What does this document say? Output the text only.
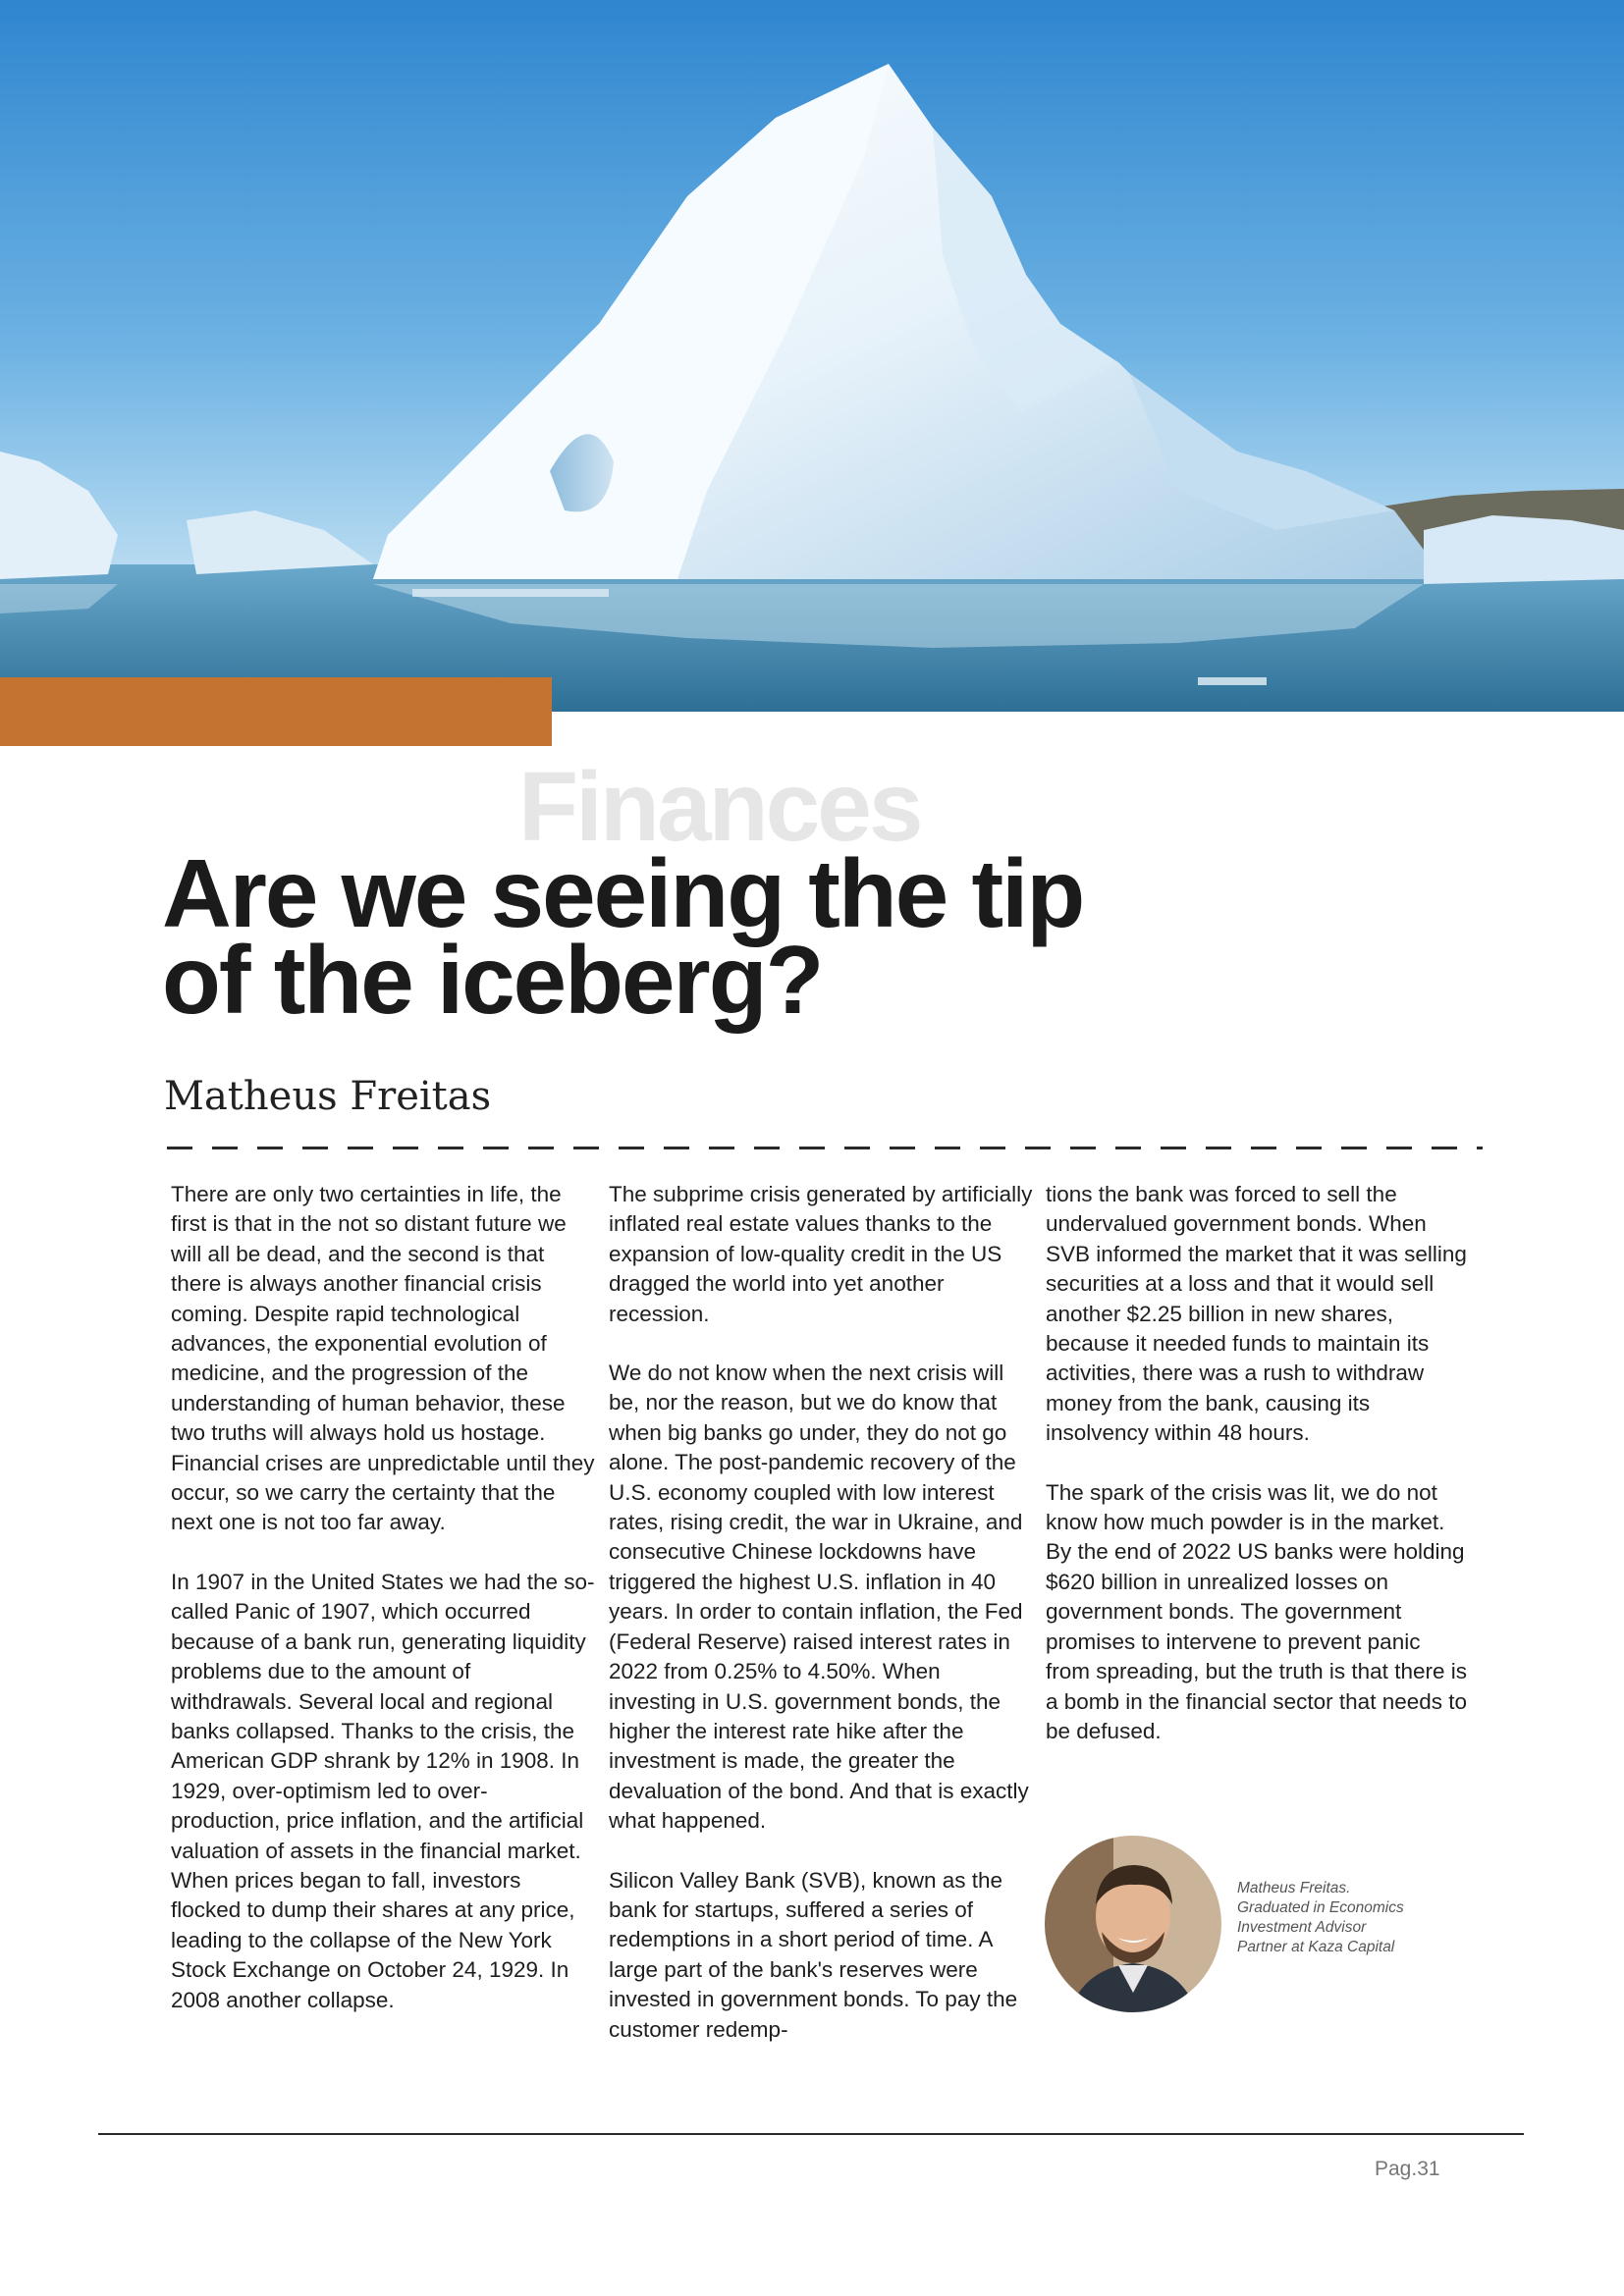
Finances
Are we seeing the tip of the iceberg?
Matheus Freitas

There are only two certainties in life, the first is that in the not so distant future we will all be dead, and the second is that there is always another financial crisis coming. Despite rapid technological advances, the exponential evolution of medicine, and the progression of the understanding of human behavior, these two truths will always hold us hostage. Financial crises are unpredictable until they occur, so we carry the certainty that the next one is not too far away.

In 1907 in the United States we had the so-called Panic of 1907, which occurred because of a bank run, generating liquidity problems due to the amount of withdrawals. Several local and regional banks collapsed. Thanks to the crisis, the American GDP shrank by 12% in 1908. In 1929, over-optimism led to over-production, price inflation, and the artificial valuation of assets in the financial market. When prices began to fall, investors flocked to dump their shares at any price, leading to the collapse of the New York Stock Exchange on October 24, 1929. In 2008 another collapse.

The subprime crisis generated by artificially inflated real estate values thanks to the expansion of low-quality credit in the US dragged the world into yet another recession.

We do not know when the next crisis will be, nor the reason, but we do know that when big banks go under, they do not go alone. The post-pandemic recovery of the U.S. economy coupled with low interest rates, rising credit, the war in Ukraine, and consecutive Chinese lockdowns have triggered the highest U.S. inflation in 40 years. In order to contain inflation, the Fed (Federal Reserve) raised interest rates in 2022 from 0.25% to 4.50%. When investing in U.S. government bonds, the higher the interest rate hike after the investment is made, the greater the devaluation of the bond. And that is exactly what happened.

Silicon Valley Bank (SVB), known as the bank for startups, suffered a series of redemptions in a short period of time. A large part of the bank's reserves were invested in government bonds. To pay the customer redemp-

tions the bank was forced to sell the undervalued government bonds. When SVB informed the market that it was selling securities at a loss and that it would sell another $2.25 billion in new shares, because it needed funds to maintain its activities, there was a rush to withdraw money from the bank, causing its insolvency within 48 hours.

The spark of the crisis was lit, we do not know how much powder is in the market. By the end of 2022 US banks were holding $620 billion in unrealized losses on government bonds. The government promises to intervene to prevent panic from spreading, but the truth is that there is a bomb in the financial sector that needs to be defused.

Matheus Freitas.
Graduated in Economics
Investment Advisor
Partner at Kaza Capital
Pag.31
